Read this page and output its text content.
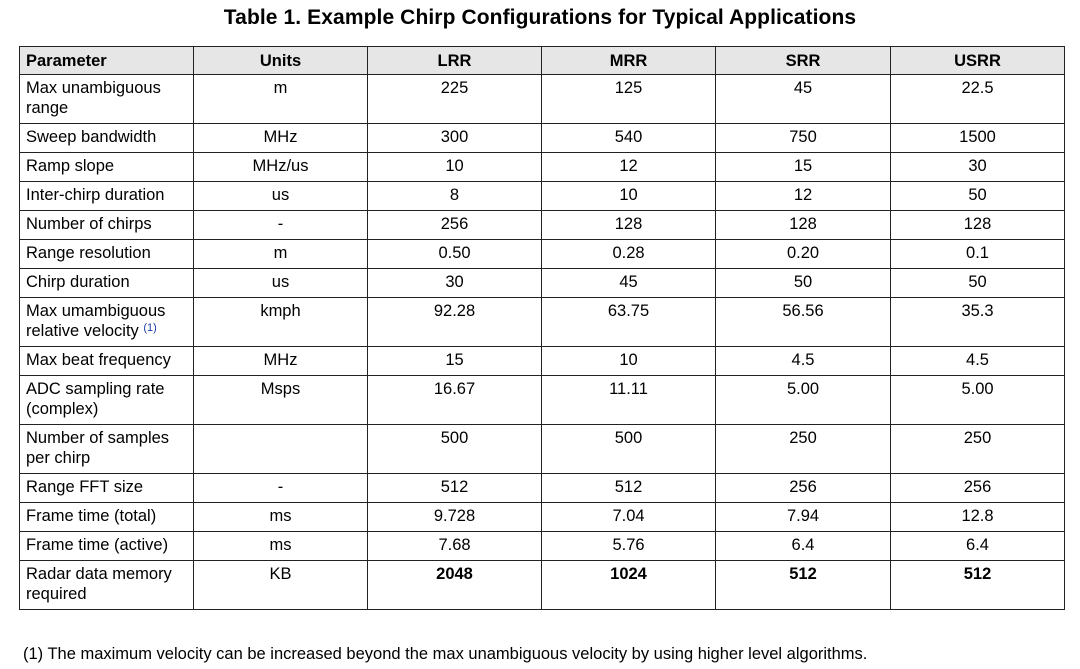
Table 1. Example Chirp Configurations for Typical Applications
Parameter	Units	LRR	MRR	SRR	USRR
Max unambiguous range	m	225	125	45	22.5
Sweep bandwidth	MHz	300	540	750	1500
Ramp slope	MHz/us	10	12	15	30
Inter-chirp duration	us	8	10	12	50
Number of chirps	-	256	128	128	128
Range resolution	m	0.50	0.28	0.20	0.1
Chirp duration	us	30	45	50	50
Max umambiguous relative velocity $^{(1)}$	kmph	92.28	63.75	56.56	35.3
Max beat frequency	MHz	15	10	4.5	4.5
ADC sampling rate (complex)	Msps	16.67	11.11	5.00	5.00
Number of samples per chirp		500	500	250	250
Range FFT size	-	512	512	256	256
Frame time (total)	ms	9.728	7.04	7.94	12.8
Frame time (active)	ms	7.68	5.76	6.4	6.4
Radar data memory required	KB	2048	1024	512	512
(1) The maximum velocity can be increased beyond the max unambiguous velocity by using higher level algorithms.
